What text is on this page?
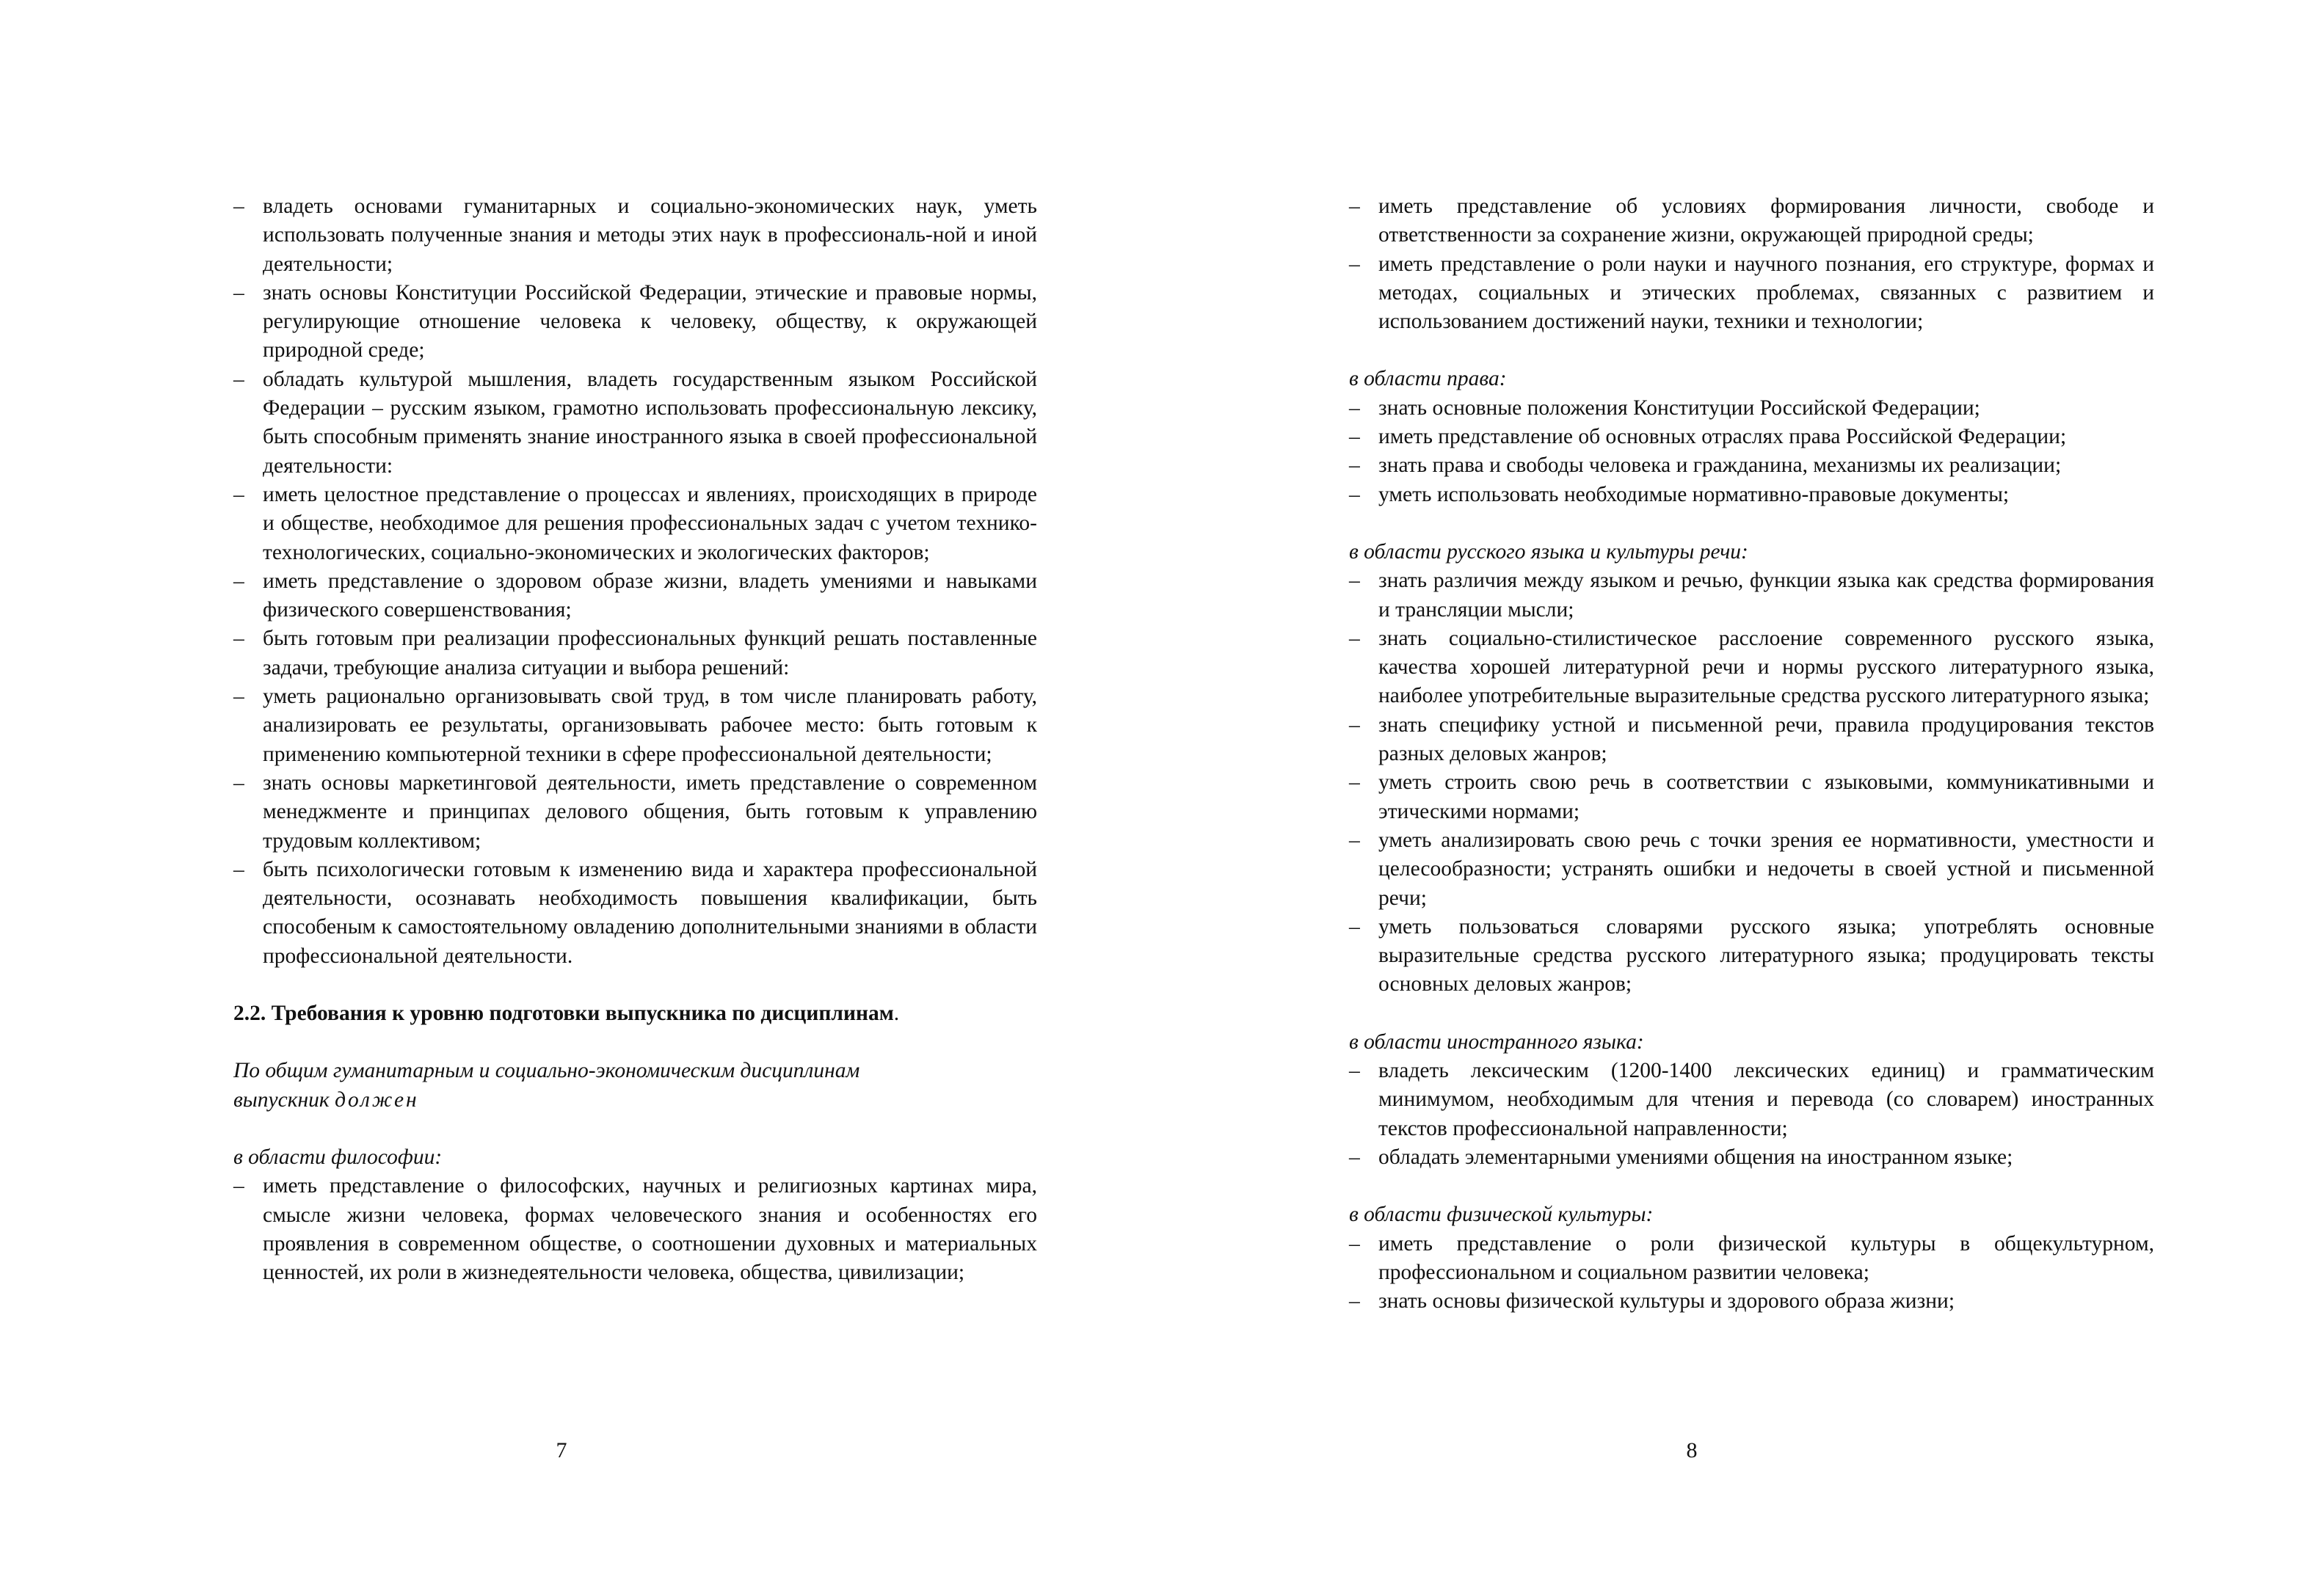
– владеть основами гуманитарных и социально-экономических наук, уметь использовать полученные знания и методы этих наук в профессиональ-ной и иной деятельности;
– знать основы Конституции Российской Федерации, этические и правовые нормы, регулирующие отношение человека к человеку, обществу, к окружающей природной среде;
– обладать культурой мышления, владеть государственным языком Российской Федерации – русским языком, грамотно использовать профессиональную лексику, быть способным применять знание иностранного языка в своей профессиональной деятельности:
– иметь целостное представление о процессах и явлениях, происходящих в природе и обществе, необходимое для решения профессиональных задач с учетом технико-технологических, социально-экономических и экологических факторов;
– иметь представление о здоровом образе жизни, владеть умениями и навыками физического совершенствования;
– быть готовым при реализации профессиональных функций решать поставленные задачи, требующие анализа ситуации и выбора решений:
– уметь рационально организовывать свой труд, в том числе планировать работу, анализировать ее результаты, организовывать рабочее место: быть готовым к применению компьютерной техники в сфере профессиональной деятельности;
– знать основы маркетинговой деятельности, иметь представление о современном менеджменте и принципах делового общения, быть готовым к управлению трудовым коллективом;
– быть психологически готовым к изменению вида и характера профессиональной деятельности, осознавать необходимость повышения квалификации, быть способеным к самостоятельному овладению дополнительными знаниями в области профессиональной деятельности.
2.2. Требования к уровню подготовки выпускника по дисциплинам.
По общим гуманитарным и социально-экономическим дисциплинам
выпускник должен
в области философии:
– иметь представление о философских, научных и религиозных картинах мира, смысле жизни человека, формах человеческого знания и особенностях его проявления в современном обществе, о соотношении духовных и материальных ценностей, их роли в жизнедеятельности человека, общества, цивилизации;
7
– иметь представление об условиях формирования личности, свободе и ответственности за сохранение жизни, окружающей природной среды;
– иметь представление о роли науки и научного познания, его структуре, формах и методах, социальных и этических проблемах, связанных с развитием и использованием достижений науки, техники и технологии;
в области права:
– знать основные положения Конституции Российской Федерации;
– иметь представление об основных отраслях права Российской Федерации;
– знать права и свободы человека и гражданина, механизмы их реализации;
– уметь использовать необходимые нормативно-правовые документы;
в области русского языка и культуры речи:
– знать различия между языком и речью, функции языка как средства формирования и трансляции мысли;
– знать социально-стилистическое расслоение современного русского языка, качества хорошей литературной речи и нормы русского литературного языка, наиболее употребительные выразительные средства русского литературного языка;
– знать специфику устной и письменной речи, правила продуцирования текстов разных деловых жанров;
– уметь строить свою речь в соответствии с языковыми, коммуникативными и этическими нормами;
– уметь анализировать свою речь с точки зрения ее нормативности, уместности и целесообразности; устранять ошибки и недочеты в своей устной и письменной речи;
– уметь пользоваться словарями русского языка; употреблять основные выразительные средства русского литературного языка; продуцировать тексты основных деловых жанров;
в области иностранного языка:
– владеть лексическим (1200-1400 лексических единиц) и грамматическим минимумом, необходимым для чтения и перевода (со словарем) иностранных текстов профессиональной направленности;
– обладать элементарными умениями общения на иностранном языке;
в области физической культуры:
– иметь представление о роли физической культуры в общекультурном, профессиональном и социальном развитии человека;
– знать основы физической культуры и здорового образа жизни;
8
